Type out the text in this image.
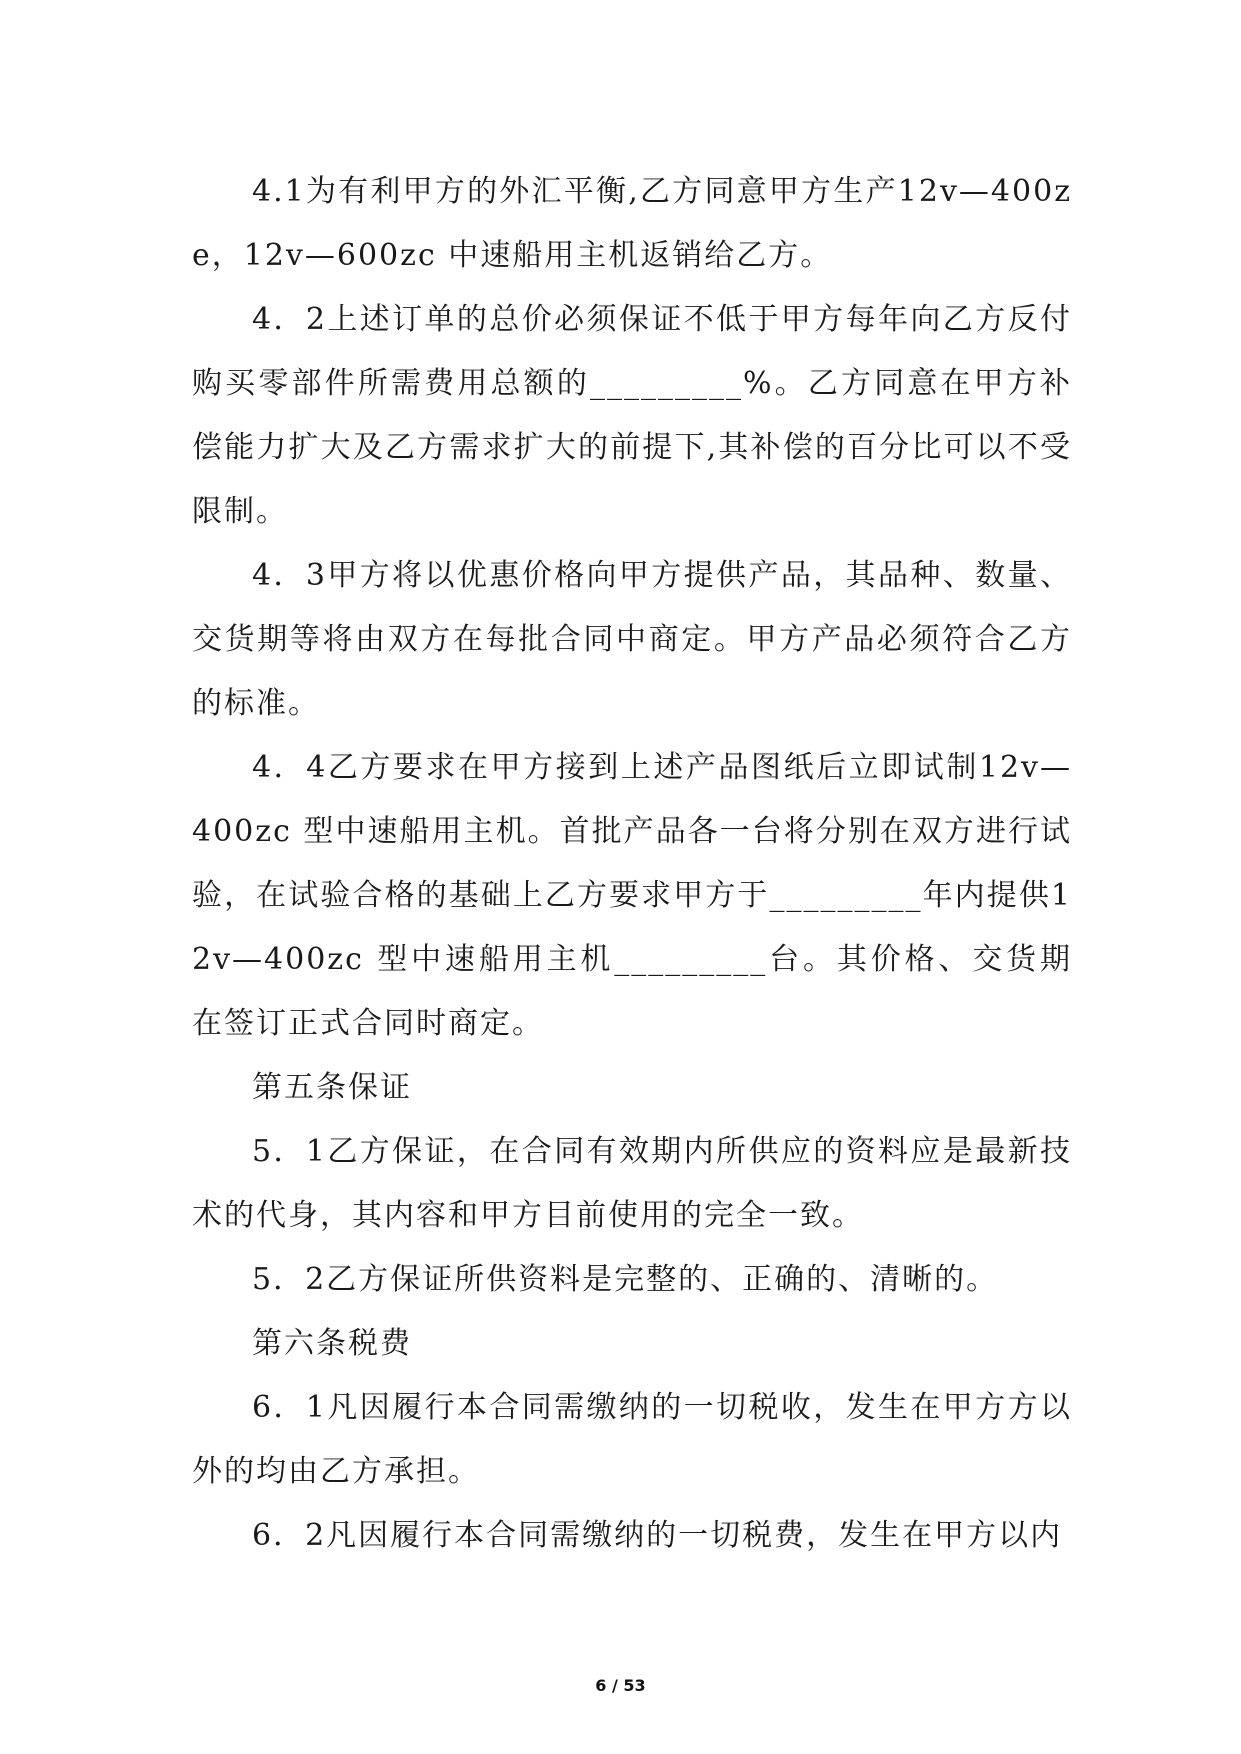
4.1为有利甲方的外汇平衡,乙方同意甲方生产12v—400ze，12v—600zc 中速船用主机返销给乙方。

4．2上述订单的总价必须保证不低于甲方每年向乙方反付购买零部件所需费用总额的_________%。乙方同意在甲方补偿能力扩大及乙方需求扩大的前提下,其补偿的百分比可以不受限制。

4．3甲方将以优惠价格向甲方提供产品，其品种、数量、交货期等将由双方在每批合同中商定。甲方产品必须符合乙方的标准。

4．4乙方要求在甲方接到上述产品图纸后立即试制12v—400zc 型中速船用主机。首批产品各一台将分别在双方进行试验，在试验合格的基础上乙方要求甲方于_________年内提供12v—400zc 型中速船用主机_________台。其价格、交货期在签订正式合同时商定。

第五条保证

5．1乙方保证，在合同有效期内所供应的资料应是最新技术的代身，其内容和甲方目前使用的完全一致。

5．2乙方保证所供资料是完整的、正确的、清晰的。

第六条税费

6．1凡因履行本合同需缴纳的一切税收，发生在甲方方以外的均由乙方承担。

6．2凡因履行本合同需缴纳的一切税费，发生在甲方以内

6 / 53
